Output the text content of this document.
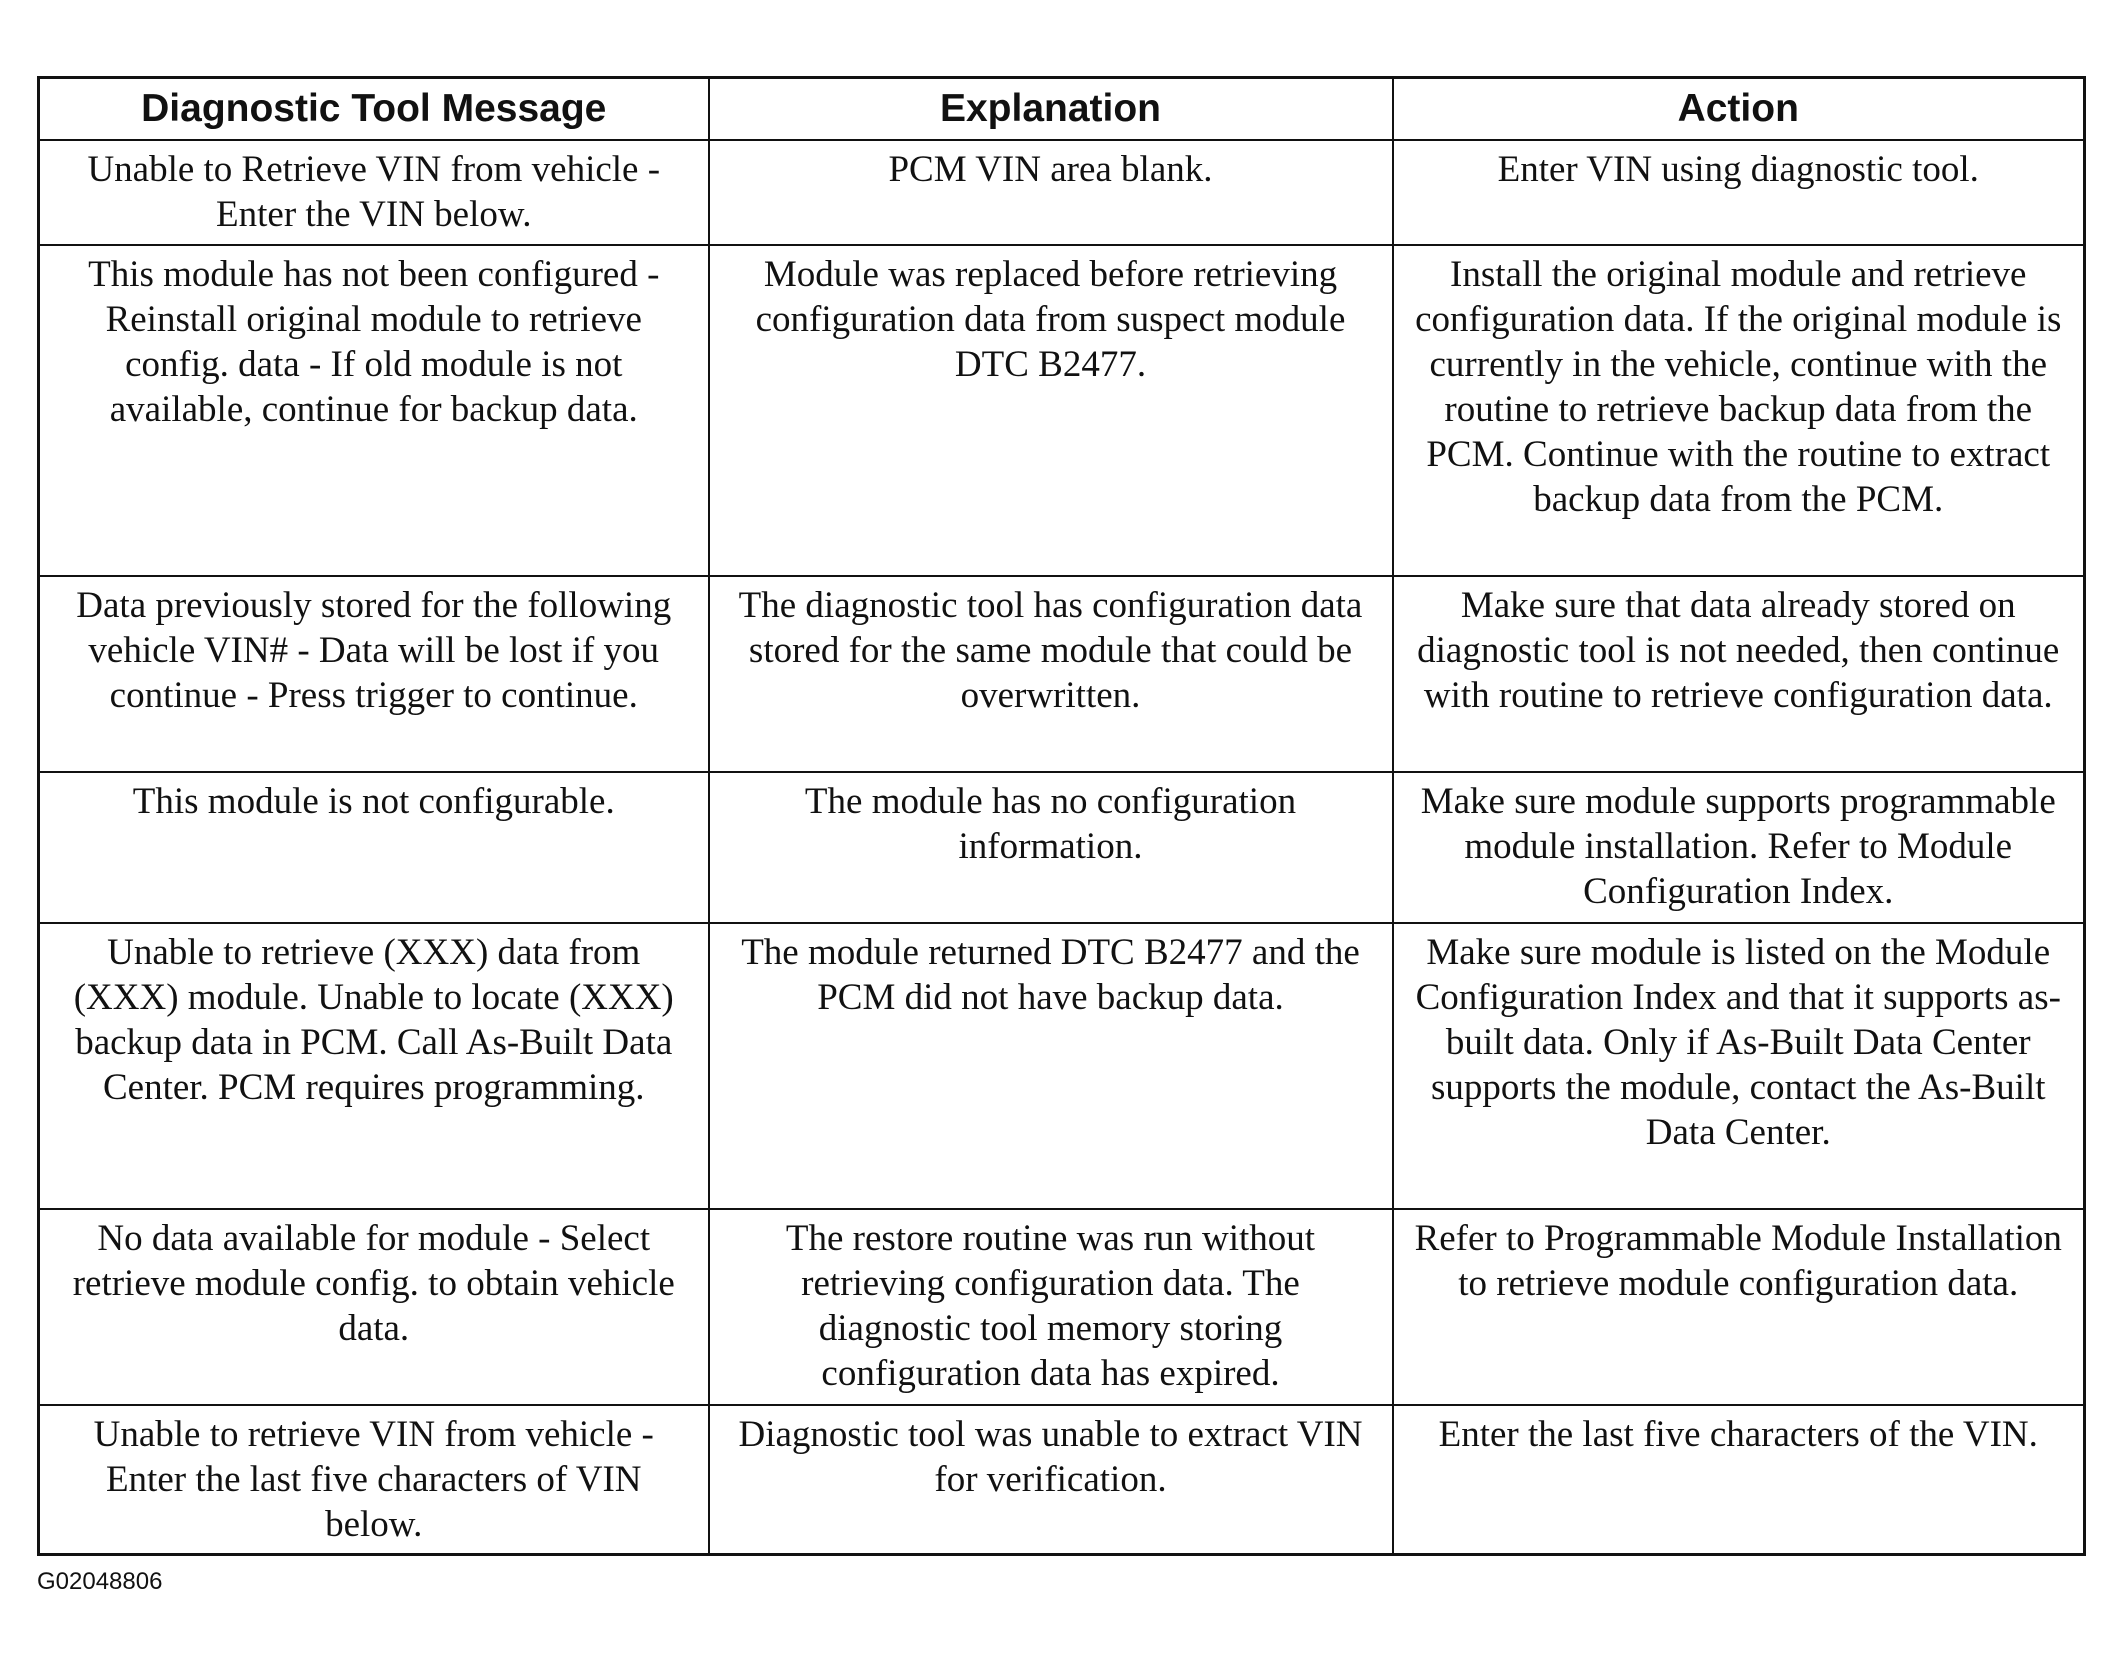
Diagnostic Tool Message	Explanation	Action
Unable to Retrieve VIN from vehicle - Enter the VIN below.	PCM VIN area blank.	Enter VIN using diagnostic tool.
This module has not been configured - Reinstall original module to retrieve config. data - If old module is not available, continue for backup data.	Module was replaced before retrieving configuration data from suspect module DTC B2477.	Install the original module and retrieve configuration data. If the original module is currently in the vehicle, continue with the routine to retrieve backup data from the PCM. Continue with the routine to extract backup data from the PCM.
Data previously stored for the following vehicle VIN# - Data will be lost if you continue - Press trigger to continue.	The diagnostic tool has configuration data stored for the same module that could be overwritten.	Make sure that data already stored on diagnostic tool is not needed, then continue with routine to retrieve configuration data.
This module is not configurable.	The module has no configuration information.	Make sure module supports programmable module installation. Refer to Module Configuration Index.
Unable to retrieve (XXX) data from (XXX) module. Unable to locate (XXX) backup data in PCM. Call As-Built Data Center. PCM requires programming.	The module returned DTC B2477 and the PCM did not have backup data.	Make sure module is listed on the Module Configuration Index and that it supports as-built data. Only if As-Built Data Center supports the module, contact the As-Built Data Center.
No data available for module - Select retrieve module config. to obtain vehicle data.	The restore routine was run without retrieving configuration data. The diagnostic tool memory storing configuration data has expired.	Refer to Programmable Module Installation to retrieve module configuration data.
Unable to retrieve VIN from vehicle - Enter the last five characters of VIN below.	Diagnostic tool was unable to extract VIN for verification.	Enter the last five characters of the VIN.
G02048806
